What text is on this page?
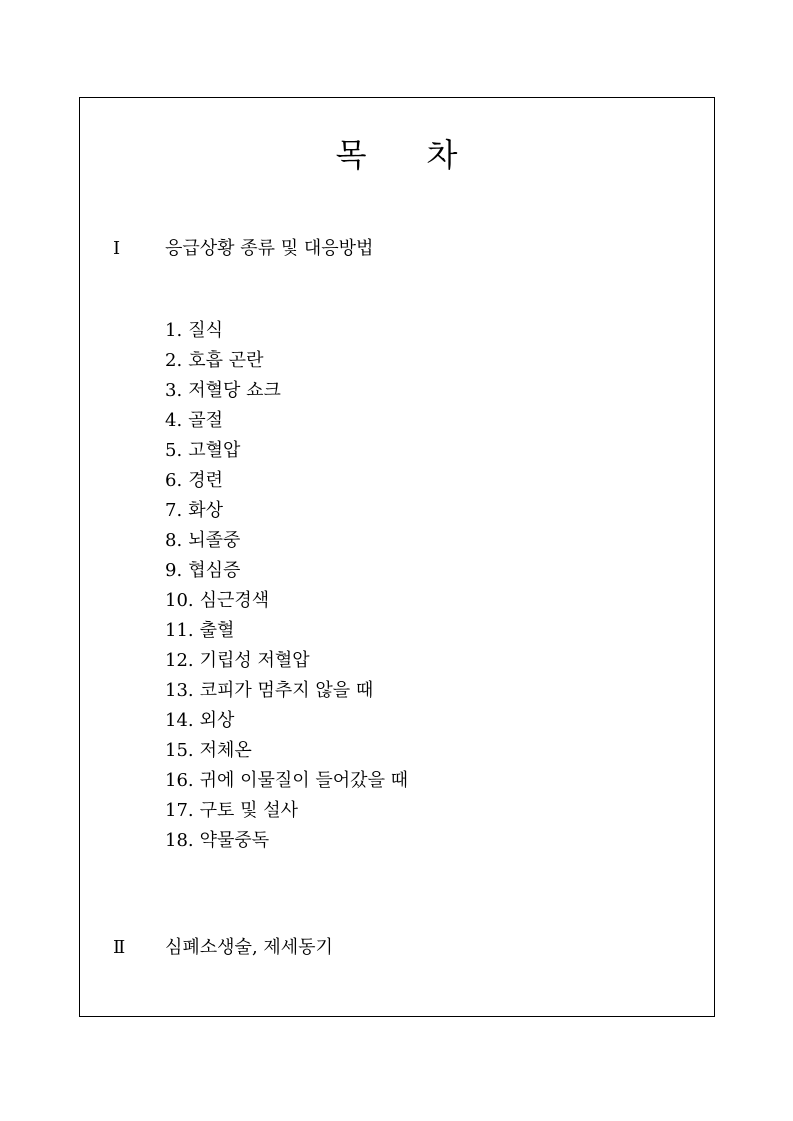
목 차
Ⅰ 응급상황 종류 및 대응방법
1. 질식
2. 호흡 곤란
3. 저혈당 쇼크
4. 골절
5. 고혈압
6. 경련
7. 화상
8. 뇌졸중
9. 협심증
10. 심근경색
11. 출혈
12. 기립성 저혈압
13. 코피가 멈추지 않을 때
14. 외상
15. 저체온
16. 귀에 이물질이 들어갔을 때
17. 구토 및 설사
18. 약물중독
Ⅱ 심폐소생술, 제세동기
